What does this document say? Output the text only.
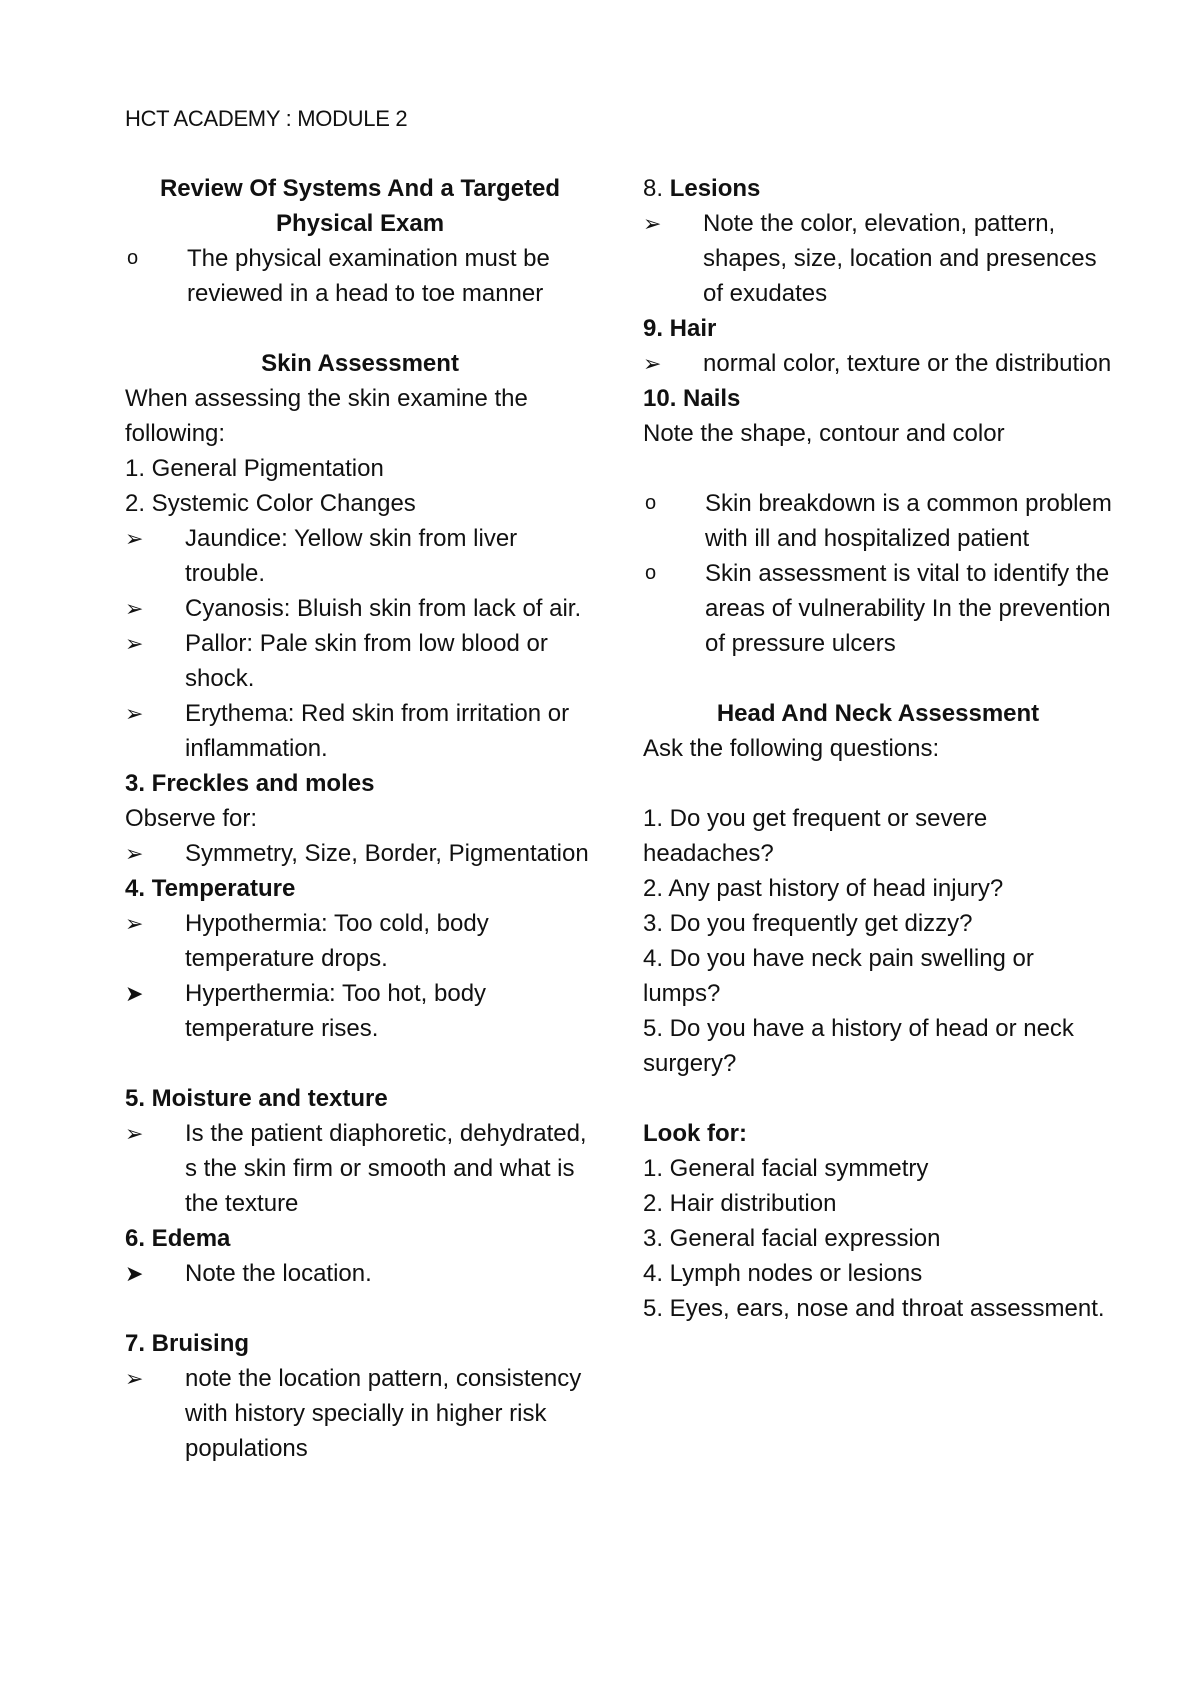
HCT ACADEMY : MODULE 2

Review Of Systems And a Targeted

Physical Exam

o	The physical examination must be reviewed in a head to toe manner

Skin Assessment

When assessing the skin examine the following:

1. General Pigmentation

2. Systemic Color Changes

➢	Jaundice: Yellow skin from liver trouble.
➢	Cyanosis: Bluish skin from lack of air.
➢	Pallor: Pale skin from low blood or shock.
➢	Erythema: Red skin from irritation or inflammation.

3. Freckles and moles

Observe for:

➢	Symmetry, Size, Border, Pigmentation

4. Temperature

➢	Hypothermia: Too cold, body temperature drops.
➤	Hyperthermia: Too hot, body temperature rises.

5. Moisture and texture

➢	Is the patient diaphoretic, dehydrated, s the skin firm or smooth and what is the texture

6. Edema

➤	Note the location.

7. Bruising

➢	note the location pattern, consistency with history specially in higher risk populations

8. Lesions

➢	Note the color, elevation, pattern, shapes, size, location and presences of exudates

9. Hair

➢	normal color, texture or the distribution

10. Nails

Note the shape, contour and color

o	Skin breakdown is a common problem with ill and hospitalized patient
o	Skin assessment is vital to identify the areas of vulnerability In the prevention of pressure ulcers

Head And Neck Assessment

Ask the following questions:

1. Do you get frequent or severe headaches?

2. Any past history of head injury?

3. Do you frequently get dizzy?

4. Do you have neck pain swelling or lumps?

5. Do you have a history of head or neck surgery?

Look for:

1. General facial symmetry

2. Hair distribution

3. General facial expression

4. Lymph nodes or lesions

5. Eyes, ears, nose and throat assessment.
